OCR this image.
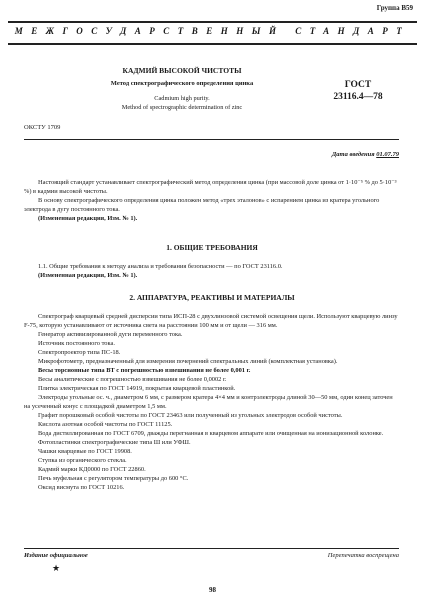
Группа В59
МЕЖГОСУДАРСТВЕННЫЙ СТАНДАРТ
КАДМИЙ ВЫСОКОЙ ЧИСТОТЫ
Метод спектрографического определения цинка
Cadmium high purity.
Method of spectrographic determination of zinc
ГОСТ
23116.4—78
ОКСТУ 1709
Дата введения 01.07.79
Настоящий стандарт устанавливает спектрографический метод определения цинка (при массовой доле цинка от 1·10⁻⁵ % до 5·10⁻³ %) в кадмии высокой чистоты.
В основу спектрографического определения цинка положен метод «трех эталонов» с испарением цинка из кратера угольного электрода в дугу постоянного тока.
(Измененная редакция, Изм. № 1).
1. ОБЩИЕ ТРЕБОВАНИЯ
1.1. Общие требования к методу анализа и требования безопасности — по ГОСТ 23116.0.
(Измененная редакция, Изм. № 1).
2. АППАРАТУРА, РЕАКТИВЫ И МАТЕРИАЛЫ
Спектрограф кварцевый средней дисперсии типа ИСП-28 с двухлинзовой системой освещения щели. Используют кварцевую линзу F-75, которую устанавливают от источника света на расстоянии 100 мм и от щели — 316 мм.
Генератор активизированной дуги переменного тока.
Источник постоянного тока.
Спектропроектор типа ПС-18.
Микрофотометр, предназначенный для измерения почернений спектральных линий (комплектная установка).
Весы торсионные типа ВТ с погрешностью взвешивания не более 0,001 г.
Весы аналитические с погрешностью взвешивания не более 0,0002 г.
Плитка электрическая по ГОСТ 14919, покрытая кварцевой пластинкой.
Электроды угольные ос. ч., диаметром 6 мм, с размером кратера 4×4 мм и контрэлектроды длиной 30—50 мм, один конец заточен на усеченный конус с площадкой диаметром 1,5 мм.
Графит порошковый особой чистоты по ГОСТ 23463 или полученный из угольных электродов особой чистоты.
Кислота азотная особой чистоты по ГОСТ 11125.
Вода дистиллированная по ГОСТ 6709, дважды перегнанная в кварцевом аппарате или очищенная на ионизационной колонке.
Фотопластинки спектрографические типа Ш или УФШ.
Чашки кварцевые по ГОСТ 19908.
Ступка из органического стекла.
Кадмий марки КД0000 по ГОСТ 22860.
Печь муфельная с регулятором температуры до 600 °С.
Оксид висмута по ГОСТ 10216.
Издание официальное	Перепечатка воспрещена
★
98
